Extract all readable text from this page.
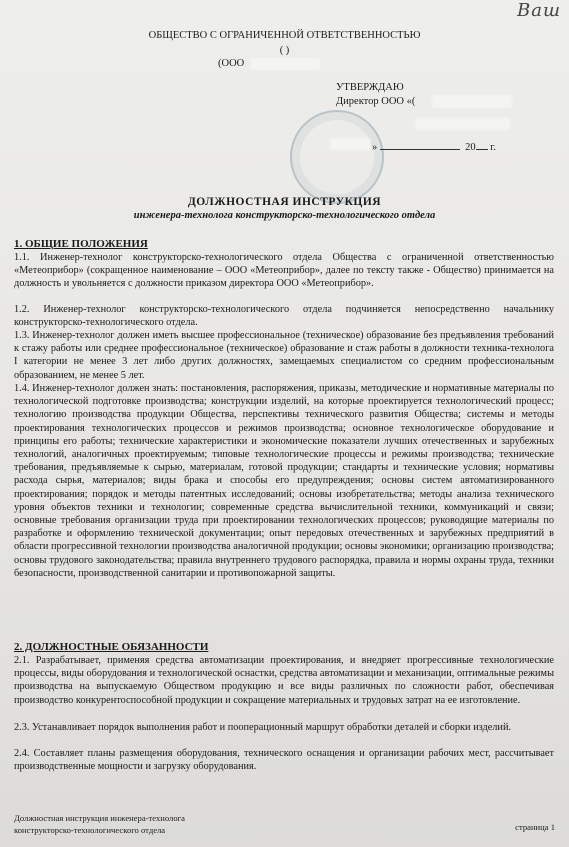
Ваш
ОБЩЕСТВО С ОГРАНИЧЕННОЙ ОТВЕТСТВЕННОСТЬЮ
( )
(ООО
УТВЕРЖДАЮ
Директор ООО «(
»	20 г.
ДОЛЖНОСТНАЯ ИНСТРУКЦИЯ
инженера-технолога конструкторско-технологического отдела
1. ОБЩИЕ ПОЛОЖЕНИЯ
1.1. Инженер-технолог конструкторско-технологического отдела Общества с ограниченной ответственностью «Метеоприбор» (сокращенное наименование – ООО «Метеоприбор», далее по тексту также - Общество) принимается на должность и увольняется с должности приказом директора ООО «Метеоприбор».
1.2. Инженер-технолог конструкторско-технологического отдела подчиняется непосредственно начальнику конструкторско-технологического отдела.
1.3. Инженер-технолог должен иметь высшее профессиональное (техническое) образование без предъявления требований к стажу работы или среднее профессиональное (техническое) образование и стаж работы в должности техника-технолога I категории не менее 3 лет либо других должностях, замещаемых специалистом со средним профессиональным образованием, не менее 5 лет.
1.4. Инженер-технолог должен знать: постановления, распоряжения, приказы, методические и нормативные материалы по технологической подготовке производства; конструкции изделий, на которые проектируется технологический процесс; технологию производства продукции Общества, перспективы технического развития Общества; системы и методы проектирования технологических процессов и режимов производства; основное технологическое оборудование и принципы его работы; технические характеристики и экономические показатели лучших отечественных и зарубежных технологий, аналогичных проектируемым; типовые технологические процессы и режимы производства; технические требования, предъявляемые к сырью, материалам, готовой продукции; стандарты и технические условия; нормативы расхода сырья, материалов; виды брака и способы его предупреждения; основы систем автоматизированного проектирования; порядок и методы патентных исследований; основы изобретательства; методы анализа технического уровня объектов техники и технологии; современные средства вычислительной техники, коммуникаций и связи; основные требования организации труда при проектировании технологических процессов; руководящие материалы по разработке и оформлению технической документации; опыт передовых отечественных и зарубежных предприятий в области прогрессивной технологии производства аналогичной продукции; основы экономики; организацию производства; основы трудового законодательства; правила внутреннего трудового распорядка, правила и нормы охраны труда, техники безопасности, производственной санитарии и противопожарной защиты.
2. ДОЛЖНОСТНЫЕ ОБЯЗАННОСТИ
2.1. Разрабатывает, применяя средства автоматизации проектирования, и внедряет прогрессивные технологические процессы, виды оборудования и технологической оснастки, средства автоматизации и механизации, оптимальные режимы производства на выпускаемую Обществом продукцию и все виды различных по сложности работ, обеспечивая производство конкурентоспособной продукции и сокращение материальных и трудовых затрат на ее изготовление.
2.3. Устанавливает порядок выполнения работ и пооперационный маршрут обработки деталей и сборки изделий.
2.4. Составляет планы размещения оборудования, технического оснащения и организации рабочих мест, рассчитывает производственные мощности и загрузку оборудования.
Должностная инструкция инженера-технолога
конструкторско-технологического отдела	страница 1
